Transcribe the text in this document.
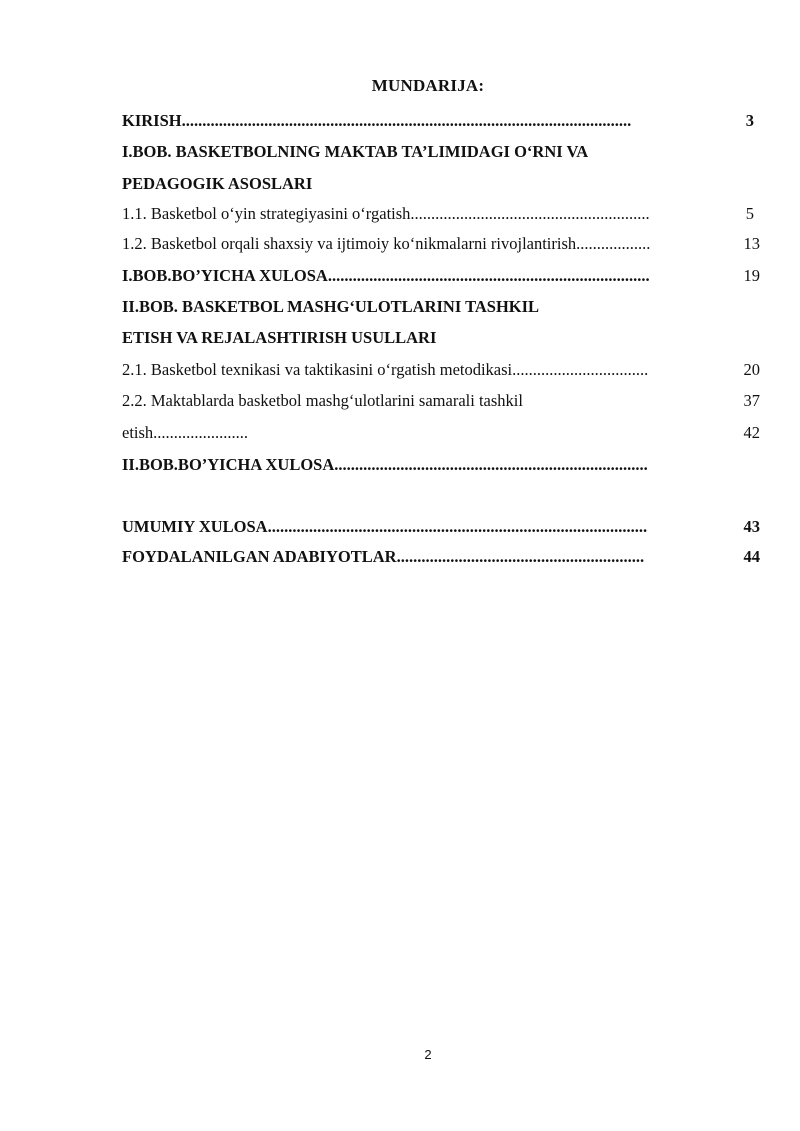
MUNDARIJA:
KIRISH.............................................................................................................	3
I.BOB. BASKETBOLNING MAKTAB TA’LIMIDAGI O‘RNI VA
PEDAGOGIK ASOSLARI
1.1. Basketbol o‘yin strategiyasini o‘rgatish..........................................................	5
1.2. Basketbol orqali shaxsiy va ijtimoiy ko‘nikmalarni rivojlantirish..................	13
I.BOB.BO’YICHA XULOSA..............................................................................	19
II.BOB. BASKETBOL MASHG‘ULOTLARINI TASHKIL
ETISH VA REJALASHTIRISH USULLARI
2.1. Basketbol texnikasi va taktikasini o‘rgatish metodikasi.................................	20
2.2. Maktablarda basketbol mashg‘ulotlarini samarali tashkil	37
etish.......................	42
II.BOB.BO’YICHA XULOSA............................................................................
UMUMIY XULOSA............................................................................................	43
FOYDALANILGAN ADABIYOTLAR............................................................	44
2
